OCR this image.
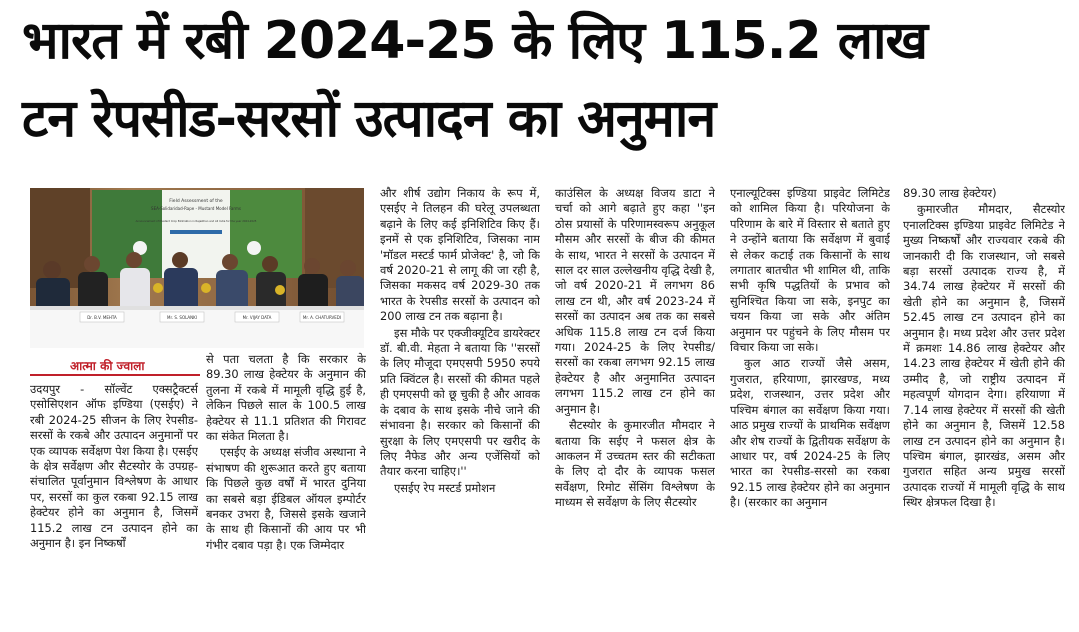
भारत में रबी 2024-25 के लिए 115.2 लाख
टन रेपसीड-सरसों उत्पादन का अनुमान
Field Assessment of the
SEA-Solidaridad-Rape - Mustard Model Farms
Announcement of Mustard Crop Estimation in Rajasthan and All India for the year 2024-2025
Dr. B.V. MEHTA	Mr. S. SOLANKI	Mr. VIJAY DATA	Mr. A. CHATURVEDI
आत्मा की ज्वाला

उदयपुर - सॉल्वेंट एक्सट्रैक्टर्स एसोसिएशन ऑफ इण्डिया (एसईए) ने रबी 2024-25 सीजन के लिए रेपसीड-सरसों के रकबे और उत्पादन अनुमानों पर एक व्यापक सर्वेक्षण पेश किया है। एसईए के क्षेत्र सर्वेक्षण और सैटस्योर के उपग्रह-संचालित पूर्वानुमान विश्लेषण के आधार पर, सरसों का कुल रकबा 92.15 लाख हेक्टेयर होने का अनुमान है, जिसमें 115.2 लाख टन उत्पादन होने का अनुमान है। इन निष्कर्षों

से पता चलता है कि सरकार के 89.30 लाख हेक्टेयर के अनुमान की तुलना में रकबे में मामूली वृद्धि हुई है, लेकिन पिछले साल के 100.5 लाख हेक्टेयर से 11.1 प्रतिशत की गिरावट का संकेत मिलता है।

एसईए के अध्यक्ष संजीव अस्थाना ने संभाषण की शुरूआत करते हुए बताया कि पिछले कुछ वर्षों में भारत दुनिया का सबसे बड़ा ईडिबल ऑयल इम्पोर्टर बनकर उभरा है, जिससे इसके खजाने के साथ ही किसानों की आय पर भी गंभीर दबाव पड़ा है। एक जिम्मेदार

और शीर्ष उद्योग निकाय के रूप में, एसईए ने तिलहन की घरेलू उपलब्धता बढ़ाने के लिए कई इनिशिटिव किए हैं। इनमें से एक इनिशिटिव, जिसका नाम 'मॉडल मस्टर्ड फार्म प्रोजेक्ट' है, जो कि वर्ष 2020-21 से लागू की जा रही है, जिसका मकसद वर्ष 2029-30 तक भारत के रेपसीड सरसों के उत्पादन को 200 लाख टन तक बढ़ाना है।

इस मौके पर एक्जीक्यूटिव डायरेक्टर डॉ. बी.वी. मेहता ने बताया कि ''सरसों के लिए मौजूदा एमएसपी 5950 रुपये प्रति क्विंटल है। सरसों की कीमत पहले ही एमएसपी को छू चुकी है और आवक के दबाव के साथ इसके नीचे जाने की संभावना है। सरकार को किसानों की सुरक्षा के लिए एमएसपी पर खरीद के लिए नैफेड और अन्य एजेंसियों को तैयार करना चाहिए।''

एसईए रेप मस्टर्ड प्रमोशन

काउंसिल के अध्यक्ष विजय डाटा ने चर्चा को आगे बढ़ाते हुए कहा ''इन ठोस प्रयासों के परिणामस्वरूप अनुकूल मौसम और सरसों के बीज की कीमत के साथ, भारत ने सरसों के उत्पादन में साल दर साल उल्लेखनीय वृद्धि देखी है, जो वर्ष 2020-21 में लगभग 86 लाख टन थी, और वर्ष 2023-24 में सरसों का उत्पादन अब तक का सबसे अधिक 115.8 लाख टन दर्ज किया गया। 2024-25 के लिए रेपसीड/सरसों का रकबा लगभग 92.15 लाख हेक्टेयर है और अनुमानित उत्पादन लगभग 115.2 लाख टन होने का अनुमान है।

सैटस्योर के कुमारजीत मौमदार ने बताया कि सईए ने फसल क्षेत्र के आकलन में उच्चतम स्तर की सटीकता के लिए दो दौर के व्यापक फसल सर्वेक्षण, रिमोट सेंसिंग विश्लेषण के माध्यम से सर्वेक्षण के लिए सैटस्योर

एनाल्यूटिक्स इण्डिया प्राइवेट लिमिटेड को शामिल किया है। परियोजना के परिणाम के बारे में विस्तार से बताते हुए ने उन्होंने बताया कि सर्वेक्षण में बुवाई से लेकर कटाई तक किसानों के साथ लगातार बातचीत भी शामिल थी, ताकि सभी कृषि पद्धतियों के प्रभाव को सुनिश्चित किया जा सके, इनपुट का चयन किया जा सके और अंतिम अनुमान पर पहुंचने के लिए मौसम पर विचार किया जा सके।

कुल आठ राज्यों जैसे असम, गुजरात, हरियाणा, झारखण्ड, मध्य प्रदेश, राजस्थान, उत्तर प्रदेश और पश्चिम बंगाल का सर्वेक्षण किया गया। आठ प्रमुख राज्यों के प्राथमिक सर्वेक्षण और शेष राज्यों के द्वितीयक सर्वेक्षण के आधार पर, वर्ष 2024-25 के लिए भारत का रेपसीड-सरसो का रकबा 92.15 लाख हेक्टेयर होने का अनुमान है। (सरकार का अनुमान

89.30 लाख हेक्टेयर)

कुमारजीत मौमदार, सैटस्योर एनालटिक्स इण्डिया प्राइवेट लिमिटेड ने मुख्य निष्कर्षों और राज्यवार रकबे की जानकारी दी कि राजस्थान, जो सबसे बड़ा सरसों उत्पादक राज्य है, में 34.74 लाख हेक्टेयर में सरसों की खेती होने का अनुमान है, जिसमें 52.45 लाख टन उत्पादन होने का अनुमान है। मध्य प्रदेश और उत्तर प्रदेश में क्रमशः 14.86 लाख हेक्टेयर और 14.23 लाख हेक्टेयर में खेती होने की उम्मीद है, जो राष्ट्रीय उत्पादन में महत्वपूर्ण योगदान देगा। हरियाणा में 7.14 लाख हेक्टेयर में सरसों की खेती होने का अनुमान है, जिसमें 12.58 लाख टन उत्पादन होने का अनुमान है। पश्चिम बंगाल, झारखंड, असम और गुजरात सहित अन्य प्रमुख सरसों उत्पादक राज्यों में मामूली वृद्धि के साथ स्थिर क्षेत्रफल दिखा है।
